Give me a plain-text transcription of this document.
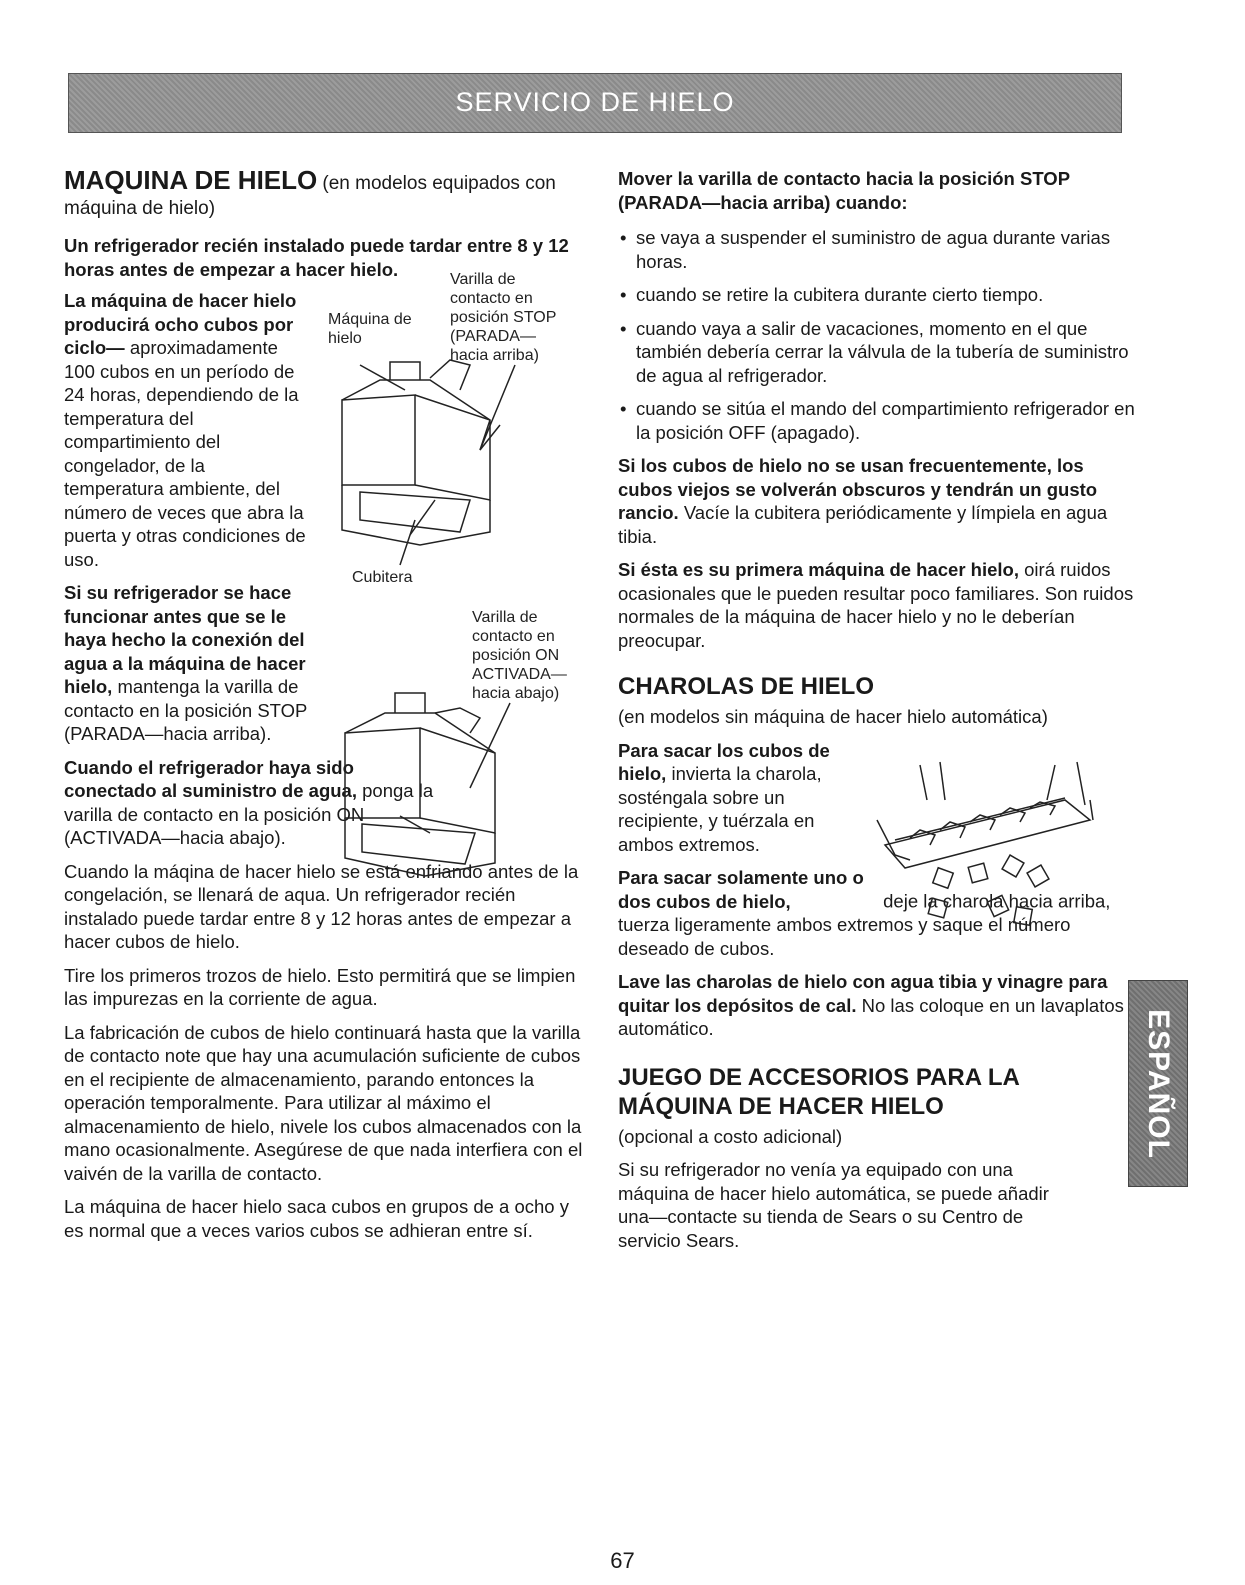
SERVICIO DE HIELO

MAQUINA DE HIELO (en modelos equipados con máquina de hielo)

Un refrigerador recién instalado puede tardar entre 8 y 12 horas antes de empezar a hacer hielo.

La máquina de hacer hielo producirá ocho cubos por ciclo— aproximadamente 100 cubos en un período de 24 horas, dependiendo de la temperatura del compartimiento del congelador, de la temperatura ambiente, del número de veces que abra la puerta y otras condiciones de uso.

Si su refrigerador se hace funcionar antes que se le haya hecho la conexión del agua a la máquina de hacer hielo, mantenga la varilla de contacto en la posición STOP (PARADA—hacia arriba).

Cuando el refrigerador haya sido conectado al suministro de agua, ponga la varilla de contacto en la posición ON (ACTIVADA—hacia abajo).

Cuando la máqina de hacer hielo se está enfriando antes de la congelación, se llenará de aqua. Un refrigerador recién instalado puede tardar entre 8 y 12 horas antes de empezar a hacer cubos de hielo.

Tire los primeros trozos de hielo. Esto permitirá que se limpien las impurezas en la corriente de agua.

La fabricación de cubos de hielo continuará hasta que la varilla de contacto note que hay una acumulación suficiente de cubos en el recipiente de almacenamiento, parando entonces la operación temporalmente. Para utilizar al máximo el almacenamiento de hielo, nivele los cubos almacenados con la mano ocasionalmente. Asegúrese de que nada interfiera con el vaivén de la varilla de contacto.

La máquina de hacer hielo saca cubos en grupos de a ocho y es normal que a veces varios cubos se adhieran entre sí.

Máquina de hielo
Varilla de contacto en posición STOP (PARADA— hacia arriba)
Cubitera
Varilla de contacto en posición ON ACTIVADA— hacia abajo)

Mover la varilla de contacto hacia la posición STOP (PARADA—hacia arriba) cuando:

• se vaya a suspender el suministro de agua durante varias horas.
• cuando se retire la cubitera durante cierto tiempo.
• cuando vaya a salir de vacaciones, momento en el que también debería cerrar la válvula de la tubería de suministro de agua al refrigerador.
• cuando se sitúa el mando del compartimiento refrigerador en la posición OFF (apagado).

Si los cubos de hielo no se usan frecuentemente, los cubos viejos se volverán obscuros y tendrán un gusto rancio. Vacíe la cubitera periódicamente y límpiela en agua tibia.

Si ésta es su primera máquina de hacer hielo, oirá ruidos ocasionales que le pueden resultar poco familiares. Son ruidos normales de la máquina de hacer hielo y no le deberían preocupar.

CHAROLAS DE HIELO

(en modelos sin máquina de hacer hielo automática)

Para sacar los cubos de hielo, invierta la charola, sosténgala sobre un recipiente, y tuérzala en ambos extremos.

Para sacar solamente uno o dos cubos de hielo,	deje la charola hacia arriba, tuerza ligeramente ambos extremos y saque el número deseado de cubos.

Lave las charolas de hielo con agua tibia y vinagre para quitar los depósitos de cal. No las coloque en un lavaplatos automático.

JUEGO DE ACCESORIOS PARA LA MÁQUINA DE HACER HIELO

(opcional a costo adicional)

Si su refrigerador no venía ya equipado con una máquina de hacer hielo automática, se puede añadir una—contacte su tienda de Sears o su Centro de servicio Sears.

ESPAÑOL
67
